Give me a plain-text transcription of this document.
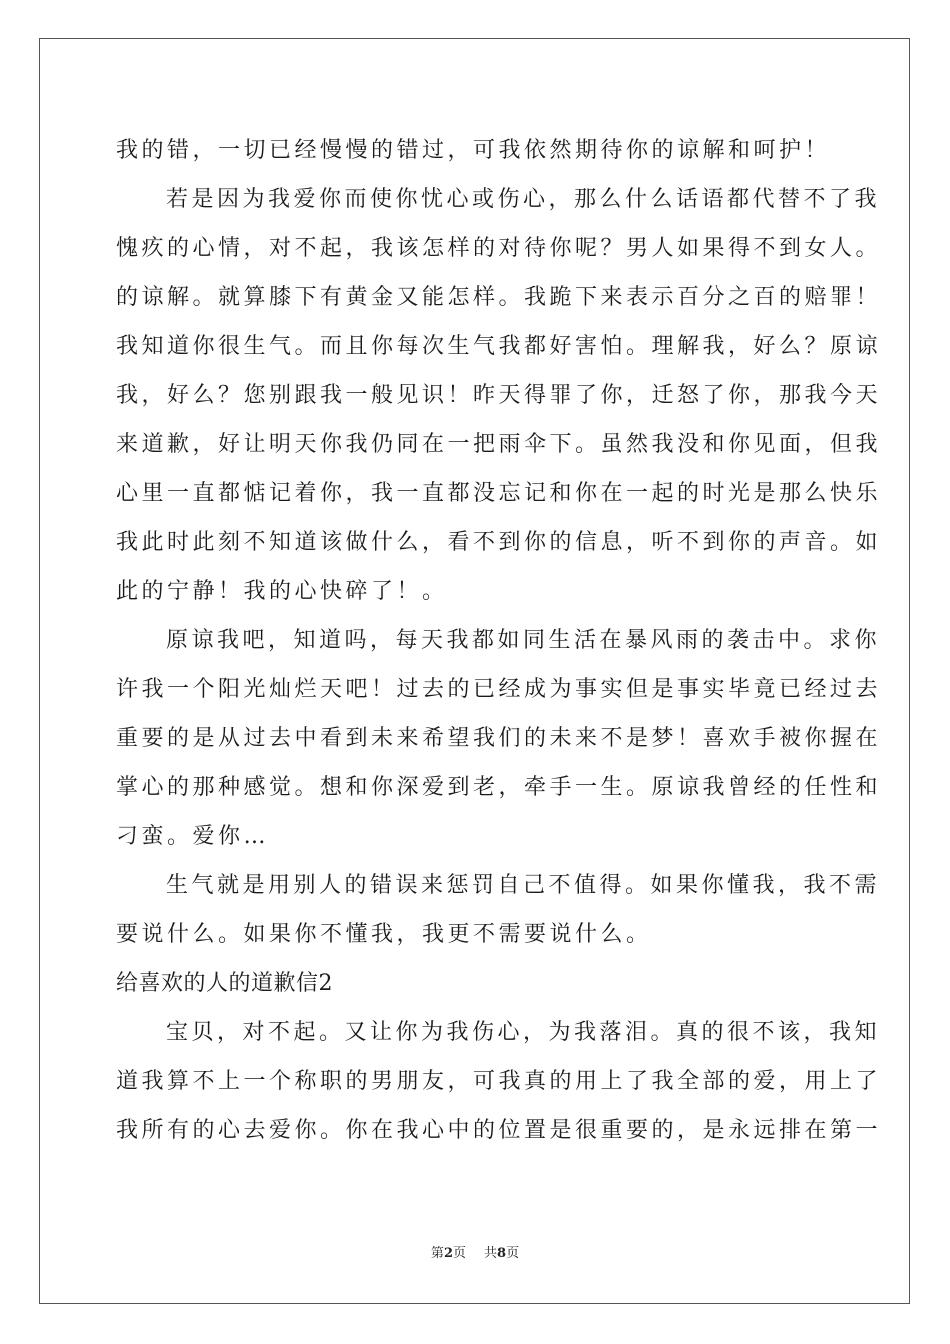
我的错，一切已经慢慢的错过，可我依然期待你的谅解和呵护！
若是因为我爱你而使你忧心或伤心，那么什么话语都代替不了我
愧疚的心情，对不起，我该怎样的对待你呢？男人如果得不到女人。
的谅解。就算膝下有黄金又能怎样。我跪下来表示百分之百的赔罪！
我知道你很生气。而且你每次生气我都好害怕。理解我，好么？原谅
我，好么？您别跟我一般见识！昨天得罪了你，迁怒了你，那我今天
来道歉，好让明天你我仍同在一把雨伞下。虽然我没和你见面，但我
心里一直都惦记着你，我一直都没忘记和你在一起的时光是那么快乐
我此时此刻不知道该做什么，看不到你的信息，听不到你的声音。如
此的宁静！我的心快碎了！。
原谅我吧，知道吗，每天我都如同生活在暴风雨的袭击中。求你
许我一个阳光灿烂天吧！过去的已经成为事实但是事实毕竟已经过去
重要的是从过去中看到未来希望我们的未来不是梦！喜欢手被你握在
掌心的那种感觉。想和你深爱到老，牵手一生。原谅我曾经的任性和
刁蛮。爱你…
生气就是用别人的错误来惩罚自己不值得。如果你懂我，我不需
要说什么。如果你不懂我，我更不需要说什么。
给喜欢的人的道歉信2
宝贝，对不起。又让你为我伤心，为我落泪。真的很不该，我知
道我算不上一个称职的男朋友，可我真的用上了我全部的爱，用上了
我所有的心去爱你。你在我心中的位置是很重要的，是永远排在第一
第2页 共8页
